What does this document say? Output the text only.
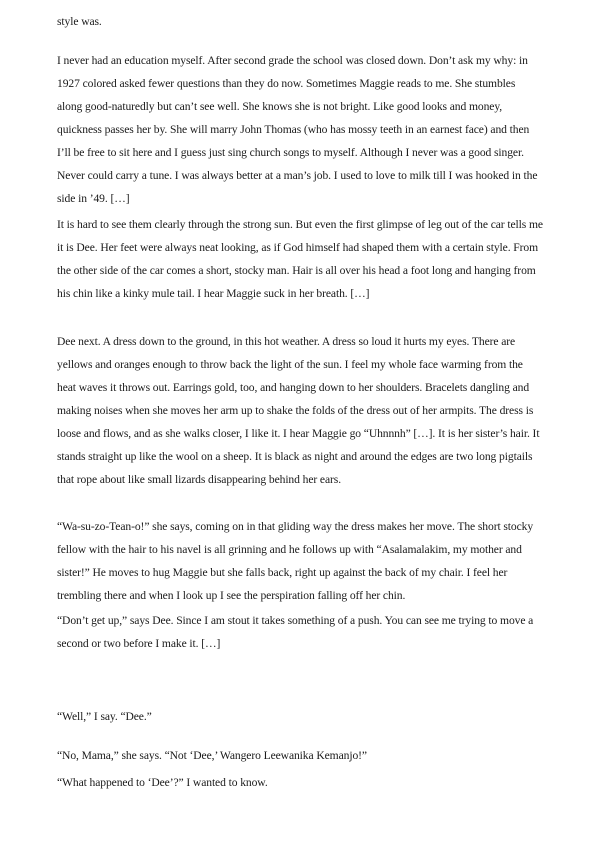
style was.

I never had an education myself. After second grade the school was closed down. Don’t ask my why: in 1927 colored asked fewer questions than they do now. Sometimes Maggie reads to me. She stumbles along good-naturedly but can’t see well. She knows she is not bright. Like good looks and money, quickness passes her by. She will marry John Thomas (who has mossy teeth in an earnest face) and then I’ll be free to sit here and I guess just sing church songs to myself. Although I never was a good singer. Never could carry a tune. I was always better at a man’s job. I used to love to milk till I was hooked in the side in ’49. […]

It is hard to see them clearly through the strong sun. But even the first glimpse of leg out of the car tells me it is Dee. Her feet were always neat looking, as if God himself had shaped them with a certain style. From the other side of the car comes a short, stocky man. Hair is all over his head a foot long and hanging from his chin like a kinky mule tail. I hear Maggie suck in her breath. […]

Dee next. A dress down to the ground, in this hot weather. A dress so loud it hurts my eyes. There are yellows and oranges enough to throw back the light of the sun. I feel my whole face warming from the heat waves it throws out. Earrings gold, too, and hanging down to her shoulders. Bracelets dangling and making noises when she moves her arm up to shake the folds of the dress out of her armpits. The dress is loose and flows, and as she walks closer, I like it. I hear Maggie go “Uhnnnh” […]. It is her sister’s hair. It stands straight up like the wool on a sheep. It is black as night and around the edges are two long pigtails that rope about like small lizards disappearing behind her ears.

“Wa-su-zo-Tean-o!” she says, coming on in that gliding way the dress makes her move. The short stocky fellow with the hair to his navel is all grinning and he follows up with “Asalamalakim, my mother and sister!” He moves to hug Maggie but she falls back, right up against the back of my chair. I feel her trembling there and when I look up I see the perspiration falling off her chin.

“Don’t get up,” says Dee. Since I am stout it takes something of a push. You can see me trying to move a second or two before I make it. […]

“Well,” I say. “Dee.”

“No, Mama,” she says. “Not ‘Dee,’ Wangero Leewanika Kemanjo!”

“What happened to ‘Dee’?” I wanted to know.
